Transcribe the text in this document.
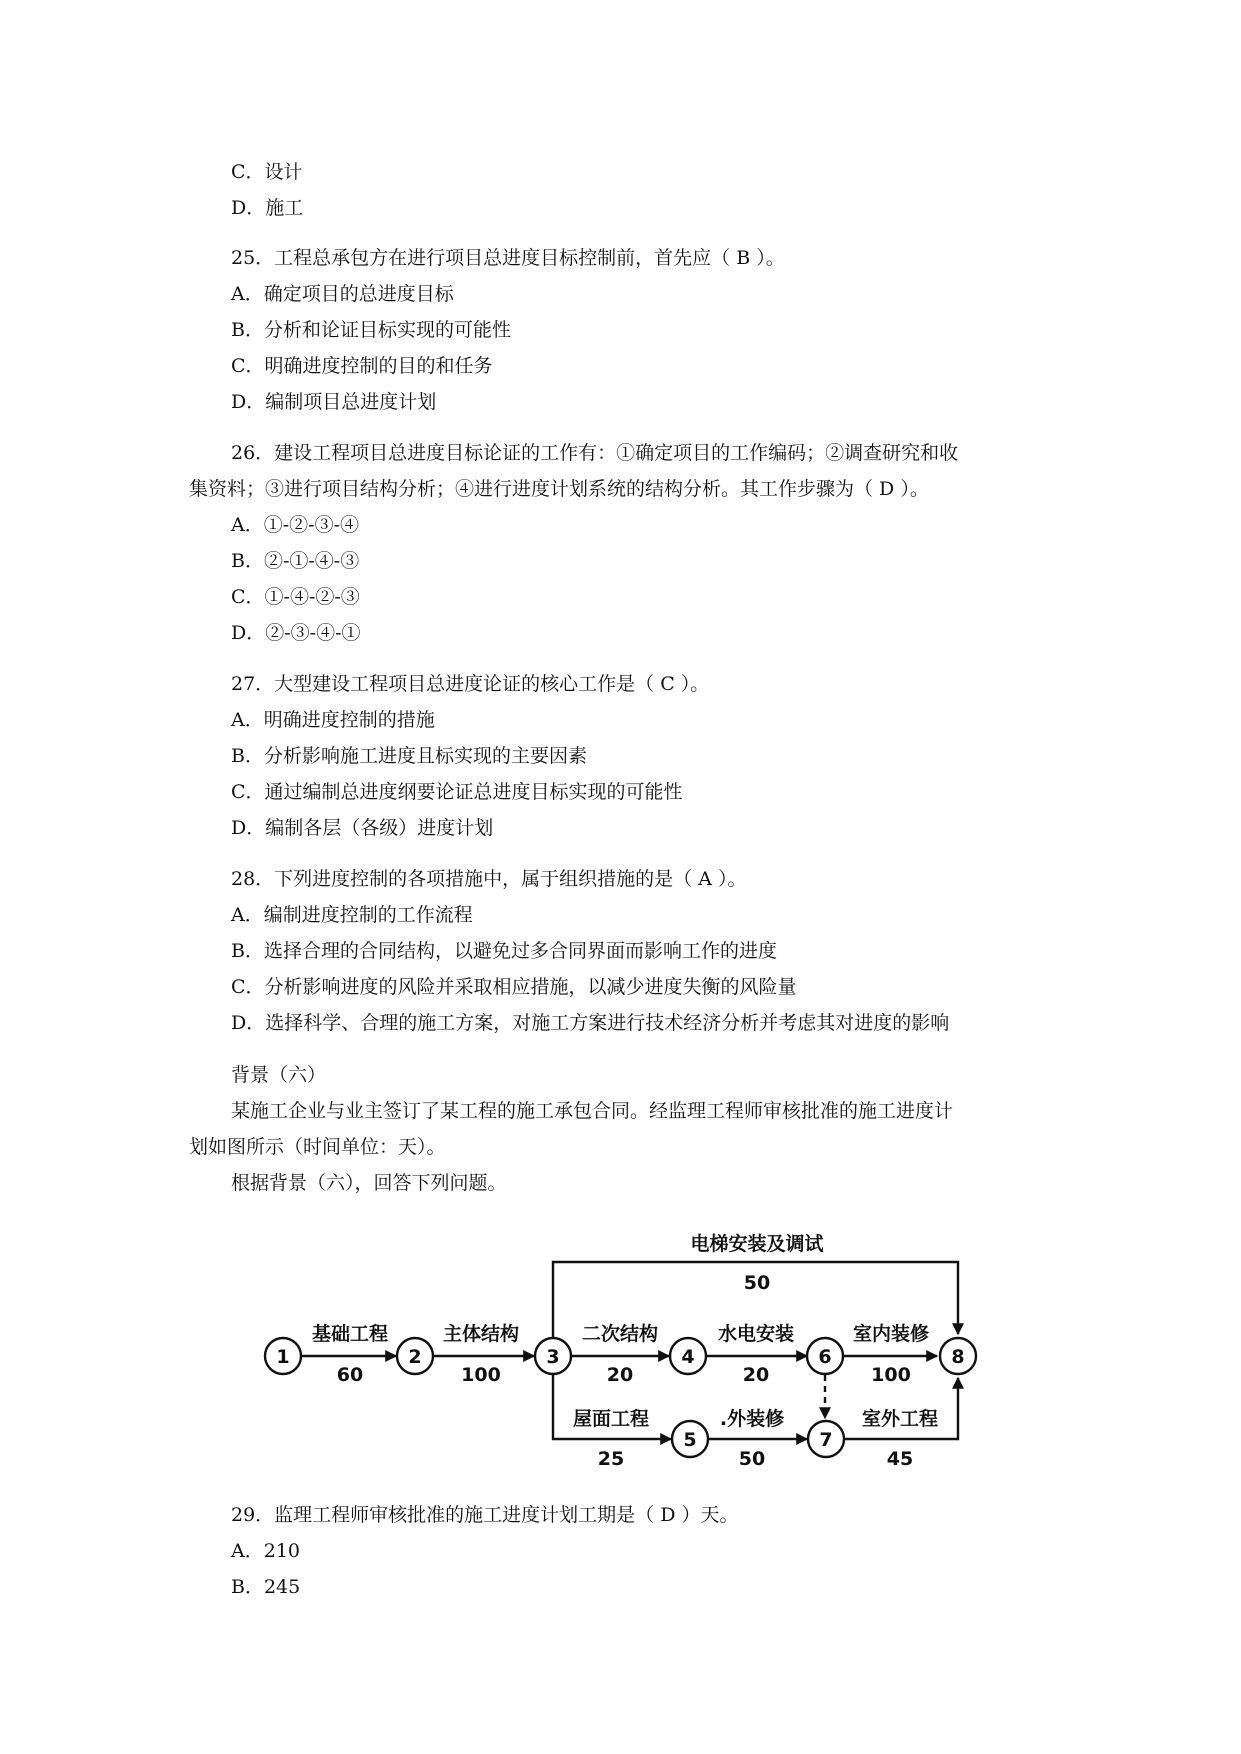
C．设计
D．施工
25．工程总承包方在进行项目总进度目标控制前，首先应（ B ）。
A．确定项目的总进度目标
B．分析和论证目标实现的可能性
C．明确进度控制的目的和任务
D．编制项目总进度计划
26．建设工程项目总进度目标论证的工作有：①确定项目的工作编码；②调查研究和收
集资料；③进行项目结构分析；④进行进度计划系统的结构分析。其工作步骤为（ D ）。
A．①-②-③-④
B．②-①-④-③
C．①-④-②-③
D．②-③-④-①
27．大型建设工程项目总进度论证的核心工作是（ C ）。
A．明确进度控制的措施
B．分析影响施工进度且标实现的主要因素
C．通过编制总进度纲要论证总进度目标实现的可能性
D．编制各层（各级）进度计划
28．下列进度控制的各项措施中，属于组织措施的是（ A ）。
A．编制进度控制的工作流程
B．选择合理的合同结构，以避免过多合同界面而影响工作的进度
C．分析影响进度的风险并采取相应措施，以减少进度失衡的风险量
D．选择科学、合理的施工方案，对施工方案进行技术经济分析并考虑其对进度的影响
背景（六）
某施工企业与业主签订了某工程的施工承包合同。经监理工程师审核批准的施工进度计
划如图所示（时间单位：天）。
根据背景（六），回答下列问题。
1	2	3	4
5
6
7
8
基础工程
60
主体结构
100
二次结构
20
水电安装
20
室内装修
100
电梯安装及调试
50
屋面工程
25
.外装修
50
室外工程
45
29．监理工程师审核批准的施工进度计划工期是（ D ）天。
A．210
B．245
